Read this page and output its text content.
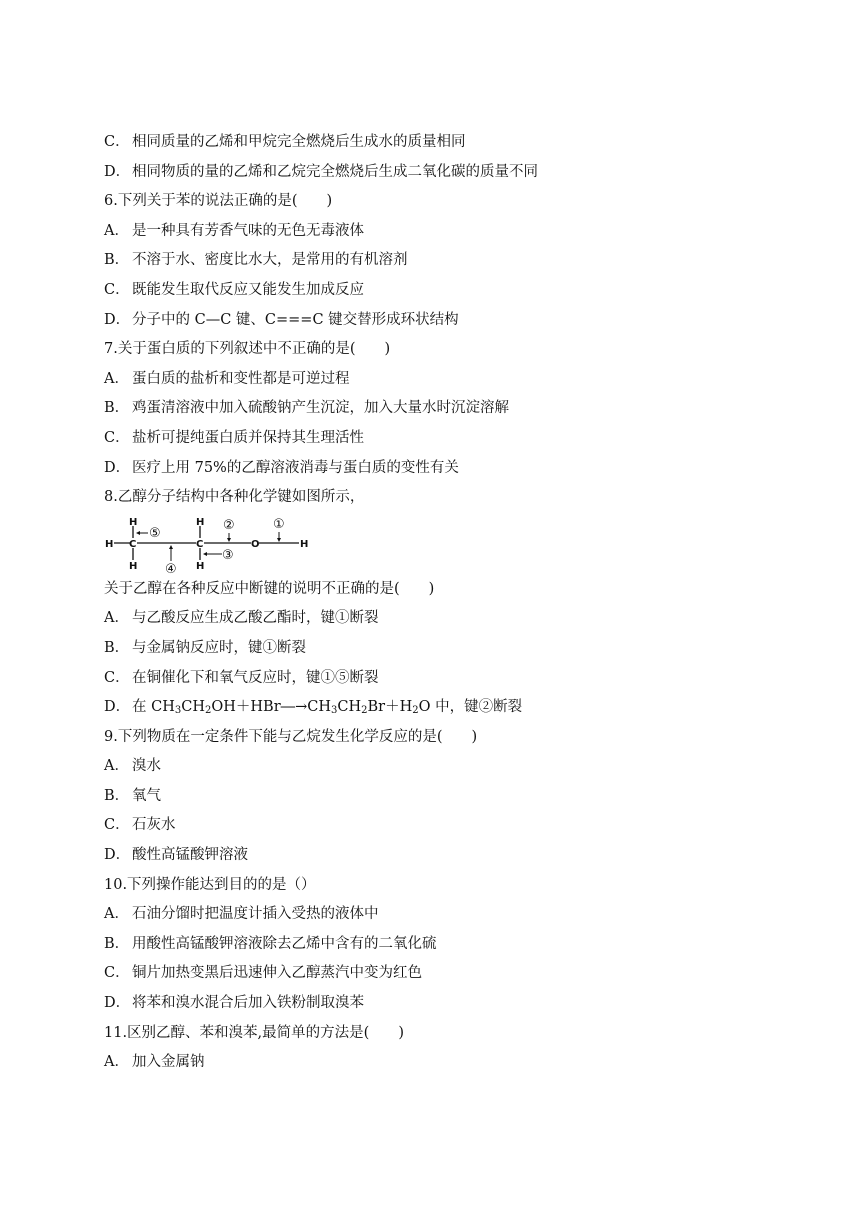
C． 相同质量的乙烯和甲烷完全燃烧后生成水的质量相同
D． 相同物质的量的乙烯和乙烷完全燃烧后生成二氧化碳的质量不同
6.下列关于苯的说法正确的是(　　)
A． 是一种具有芳香气味的无色无毒液体
B． 不溶于水、密度比水大，是常用的有机溶剂
C． 既能发生取代反应又能发生加成反应
D． 分子中的 C—C 键、C===C 键交替形成环状结构
7.关于蛋白质的下列叙述中不正确的是(　　)
A． 蛋白质的盐析和变性都是可逆过程
B． 鸡蛋清溶液中加入硫酸钠产生沉淀，加入大量水时沉淀溶解
C． 盐析可提纯蛋白质并保持其生理活性
D． 医疗上用 75%的乙醇溶液消毒与蛋白质的变性有关
8.乙醇分子结构中各种化学键如图所示，
H
H
H
C
H
H
C	O	H
⑤
④
②
③
①
关于乙醇在各种反应中断键的说明不正确的是(　　)
A． 与乙酸反应生成乙酸乙酯时，键①断裂
B． 与金属钠反应时，键①断裂
C． 在铜催化下和氧气反应时，键①⑤断裂
D． 在 $CH_3CH_2OH+HBr―\to CH_3CH_2Br+H_2O$ 中，键②断裂
9.下列物质在一定条件下能与乙烷发生化学反应的是(　　)
A． 溴水
B． 氧气
C． 石灰水
D． 酸性高锰酸钾溶液
10.下列操作能达到目的的是（）
A． 石油分馏时把温度计插入受热的液体中
B． 用酸性高锰酸钾溶液除去乙烯中含有的二氧化硫
C． 铜片加热变黑后迅速伸入乙醇蒸汽中变为红色
D． 将苯和溴水混合后加入铁粉制取溴苯
11.区别乙醇、苯和溴苯,最简单的方法是(　　)
A． 加入金属钠
